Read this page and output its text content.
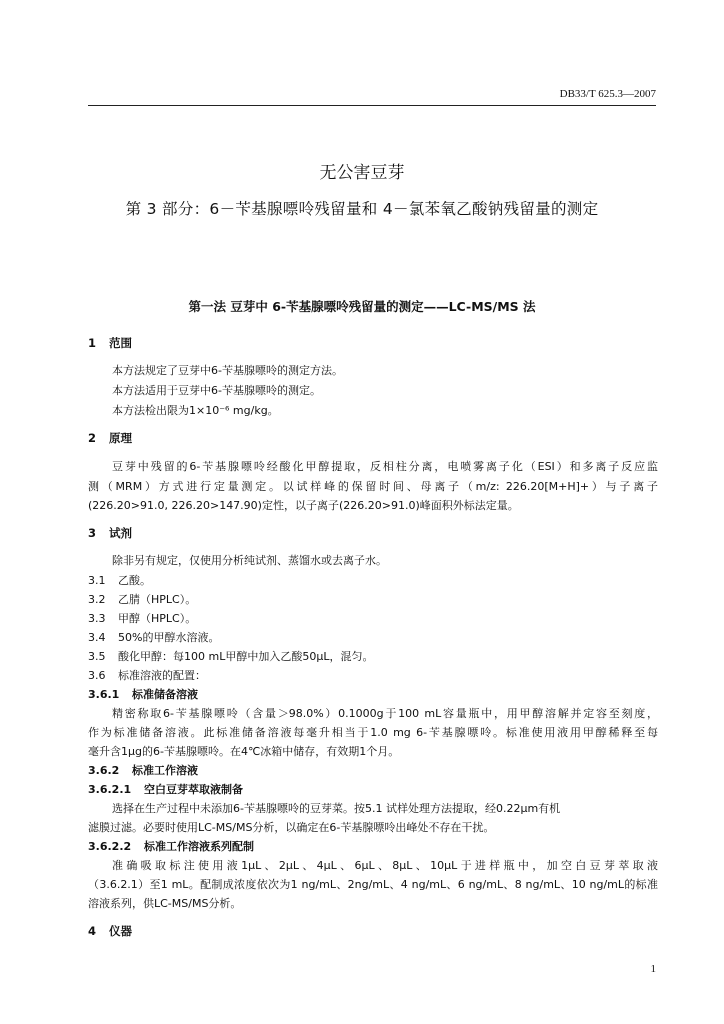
DB33/T 625.3—2007
无公害豆芽
第 3 部分：6－苄基腺嘌呤残留量和 4－氯苯氧乙酸钠残留量的测定
第一法 豆芽中 6-苄基腺嘌呤残留量的测定——LC-MS/MS 法
1 范围
本方法规定了豆芽中6-苄基腺嘌呤的测定方法。
本方法适用于豆芽中6-苄基腺嘌呤的测定。
本方法检出限为1×10⁻⁶ mg/kg。
2 原理
豆芽中残留的6-苄基腺嘌呤经酸化甲醇提取，反相柱分离，电喷雾离子化（ESI）和多离子反应监
测（MRM）方式进行定量测定。以试样峰的保留时间、母离子（m/z: 226.20[M+H]+）与子离子
(226.20>91.0, 226.20>147.90)定性，以子离子(226.20>91.0)峰面积外标法定量。
3 试剂
除非另有规定，仅使用分析纯试剂、蒸馏水或去离子水。
3.1 乙酸。
3.2 乙腈（HPLC）。
3.3 甲醇（HPLC）。
3.4 50%的甲醇水溶液。
3.5 酸化甲醇：每100 mL甲醇中加入乙酸50μL，混匀。
3.6 标准溶液的配置：
3.6.1 标准储备溶液
精密称取6-苄基腺嘌呤（含量＞98.0%）0.1000g于100 mL容量瓶中，用甲醇溶解并定容至刻度，
作为标准储备溶液。此标准储备溶液每毫升相当于1.0 mg 6-苄基腺嘌呤。标准使用液用甲醇稀释至每
毫升含1μg的6-苄基腺嘌呤。在4℃冰箱中储存，有效期1个月。
3.6.2 标准工作溶液
3.6.2.1 空白豆芽萃取液制备
选择在生产过程中未添加6-苄基腺嘌呤的豆芽菜。按5.1 试样处理方法提取，经0.22μm有机
滤膜过滤。必要时使用LC-MS/MS分析，以确定在6-苄基腺嘌呤出峰处不存在干扰。
3.6.2.2 标准工作溶液系列配制
准确吸取标注使用液1μL、2μL、4μL、6μL、8μL、10μL于进样瓶中，加空白豆芽萃取液
（3.6.2.1）至1 mL。配制成浓度依次为1 ng/mL、2ng/mL、4 ng/mL、6 ng/mL、8 ng/mL、10 ng/mL的标准
溶液系列，供LC-MS/MS分析。
4 仪器
1
